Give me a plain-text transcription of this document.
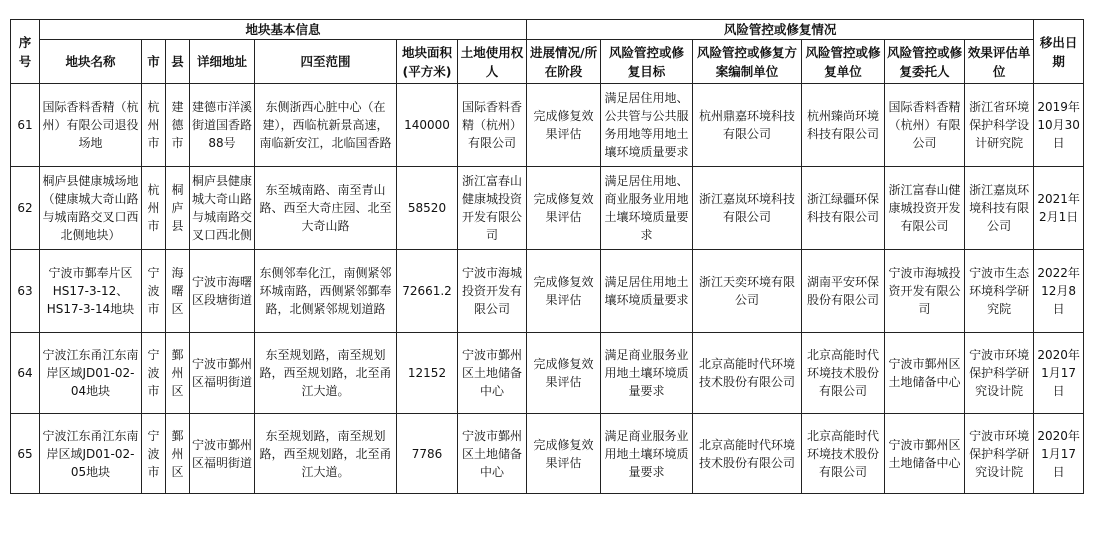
序号	地块基本信息							风险管控或修复情况						移出日期
	地块名称	市	县	详细地址	四至范围	地块面积(平方米)	土地使用权人	进展情况/所在阶段	风险管控或修复目标	风险管控或修复方案编制单位	风险管控或修复单位	风险管控或修复委托人	效果评估单位	
61	国际香料香精（杭州）有限公司退役场地	杭州市	建德市	建德市洋溪街道国香路88号	东侧浙西心脏中心（在建），西临杭新景高速，南临新安江，北临国香路	140000	国际香料香精（杭州）有限公司	完成修复效果评估	满足居住用地、公共管与公共服务用地等用地土壤环境质量要求	杭州鼎嘉环境科技有限公司	杭州臻尚环境科技有限公司	国际香料香精（杭州）有限公司	浙江省环境保护科学设计研究院	2019年10月30日
62	桐庐县健康城场地（健康城大奇山路与城南路交叉口西北侧地块）	杭州市	桐庐县	桐庐县健康城大奇山路与城南路交叉口西北侧	东至城南路、南至青山路、西至大奇庄园、北至大奇山路	58520	浙江富春山健康城投资开发有限公司	完成修复效果评估	满足居住用地、商业服务业用地土壤环境质量要求	浙江嘉岚环境科技有限公司	浙江绿疆环保科技有限公司	浙江富春山健康城投资开发有限公司	浙江嘉岚环境科技有限公司	2021年2月1日
63	宁波市鄞奉片区HS17-3-12、HS17-3-14地块	宁波市	海曙区	宁波市海曙区段塘街道	东侧邻奉化江，南侧紧邻环城南路，西侧紧邻鄞奉路，北侧紧邻规划道路	72661.2	宁波市海城投资开发有限公司	完成修复效果评估	满足居住用地土壤环境质量要求	浙江天奕环境有限公司	湖南平安环保股份有限公司	宁波市海城投资开发有限公司	宁波市生态环境科学研究院	2022年12月8日
64	宁波江东甬江东南岸区域JD01-02-04地块	宁波市	鄞州区	宁波市鄞州区福明街道	东至规划路，南至规划路，西至规划路，北至甬江大道。	12152	宁波市鄞州区土地储备中心	完成修复效果评估	满足商业服务业用地土壤环境质量要求	北京高能时代环境技术股份有限公司	北京高能时代环境技术股份有限公司	宁波市鄞州区土地储备中心	宁波市环境保护科学研究设计院	2020年1月17日
65	宁波江东甬江东南岸区域JD01-02-05地块	宁波市	鄞州区	宁波市鄞州区福明街道	东至规划路，南至规划路，西至规划路，北至甬江大道。	7786	宁波市鄞州区土地储备中心	完成修复效果评估	满足商业服务业用地土壤环境质量要求	北京高能时代环境技术股份有限公司	北京高能时代环境技术股份有限公司	宁波市鄞州区土地储备中心	宁波市环境保护科学研究设计院	2020年1月17日
